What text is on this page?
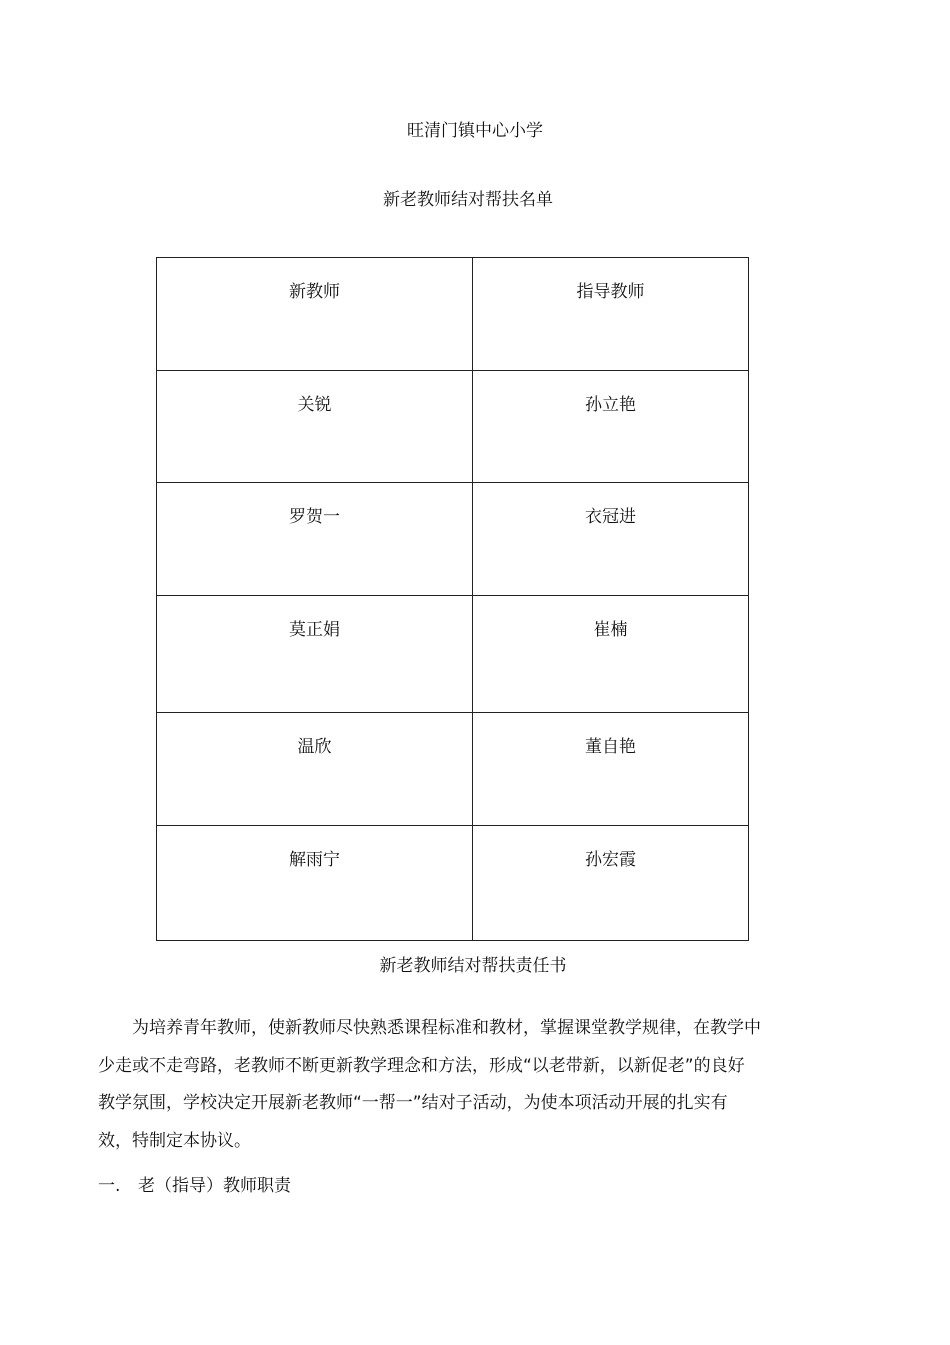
旺清门镇中心小学
新老教师结对帮扶名单
新教师	指导教师
关锐	孙立艳
罗贺一	衣冠进
莫正娟	崔楠
温欣	董自艳
解雨宁	孙宏霞
新老教师结对帮扶责任书

为培养青年教师，使新教师尽快熟悉课程标准和教材，掌握课堂教学规律，在教学中
少走或不走弯路，老教师不断更新教学理念和方法，形成“以老带新，以新促老”的良好
教学氛围，学校决定开展新老教师“一帮一”结对子活动，为使本项活动开展的扎实有
效，特制定本协议。

一. 老（指导）教师职责
